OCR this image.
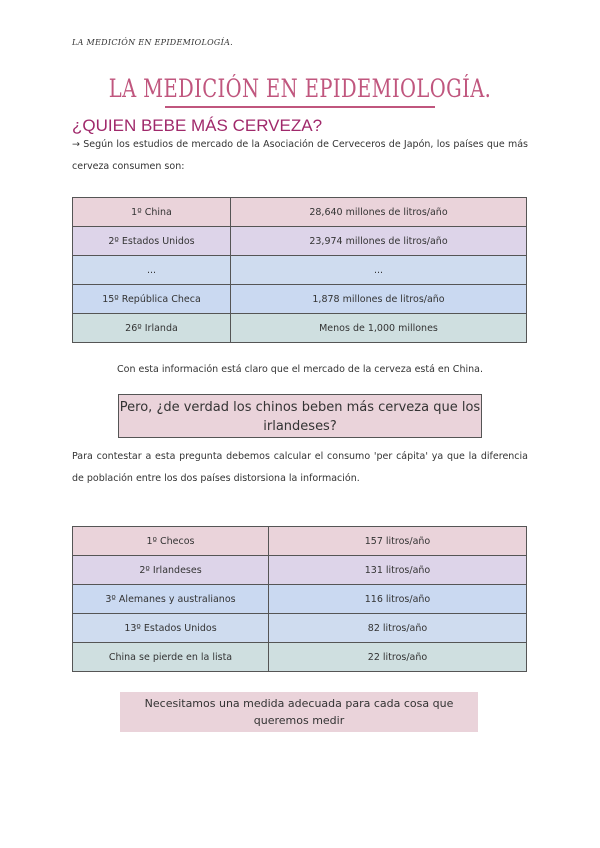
LA MEDICIÓN EN EPIDEMIOLOGÍA.
LA MEDICIÓN EN EPIDEMIOLOGÍA.
¿QUIEN BEBE MÁS CERVEZA?
→ Según los estudios de mercado de la Asociación de Cerveceros de Japón, los países que más cerveza consumen son:
1º China	28,640 millones de litros/año
2º Estados Unidos	23,974 millones de litros/año
...	...
15º República Checa	1,878 millones de litros/año
26º Irlanda	Menos de 1,000 millones
Con esta información está claro que el mercado de la cerveza está en China.
Pero, ¿de verdad los chinos beben más cerveza que los irlandeses?
Para contestar a esta pregunta debemos calcular el consumo 'per cápita' ya que la diferencia de población entre los dos países distorsiona la información.
1º Checos	157 litros/año
2º Irlandeses	131 litros/año
3º Alemanes y australianos	116 litros/año
13º Estados Unidos	82 litros/año
China se pierde en la lista	22 litros/año
Necesitamos una medida adecuada para cada cosa que queremos medir
